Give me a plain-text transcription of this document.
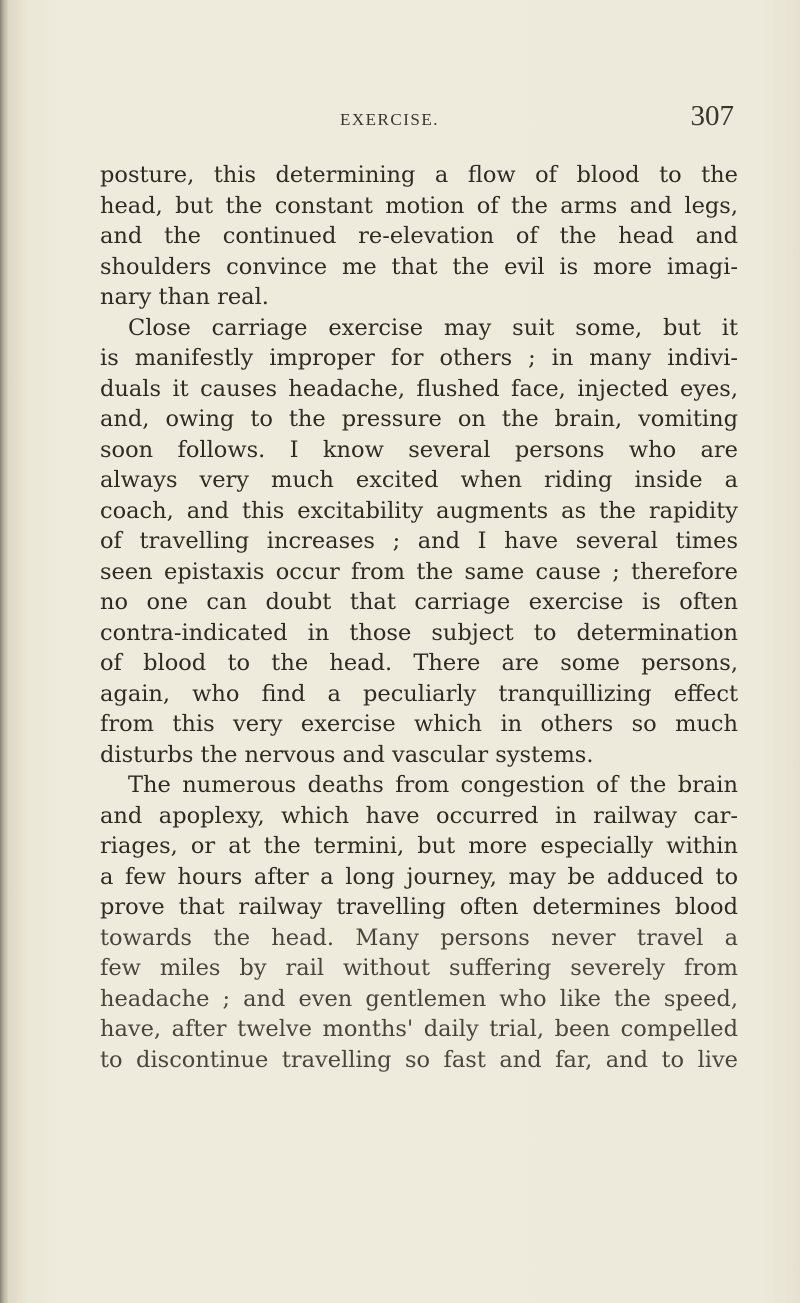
EXERCISE.	307
posture, this determining a flow of blood to the
head, but the constant motion of the arms and legs,
and the continued re-elevation of the head and
shoulders convince me that the evil is more imagi-
nary than real.
Close carriage exercise may suit some, but it
is manifestly improper for others ; in many indivi-
duals it causes headache, flushed face, injected eyes,
and, owing to the pressure on the brain, vomiting
soon follows. I know several persons who are
always very much excited when riding inside a
coach, and this excitability augments as the rapidity
of travelling increases ; and I have several times
seen epistaxis occur from the same cause ; therefore
no one can doubt that carriage exercise is often
contra-indicated in those subject to determination
of blood to the head. There are some persons,
again, who find a peculiarly tranquillizing effect
from this very exercise which in others so much
disturbs the nervous and vascular systems.
The numerous deaths from congestion of the brain
and apoplexy, which have occurred in railway car-
riages, or at the termini, but more especially within
a few hours after a long journey, may be adduced to
prove that railway travelling often determines blood
towards the head. Many persons never travel a
few miles by rail without suffering severely from
headache ; and even gentlemen who like the speed,
have, after twelve months' daily trial, been compelled
to discontinue travelling so fast and far, and to live
